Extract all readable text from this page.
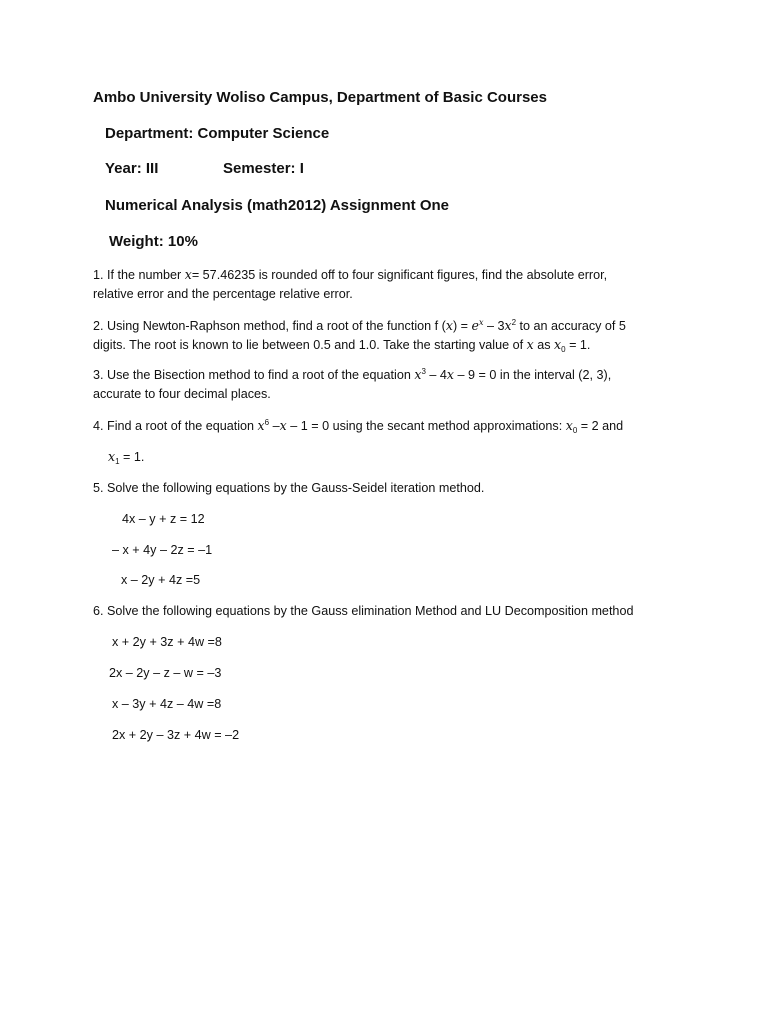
Ambo University Woliso Campus, Department of Basic Courses
Department: Computer Science
Year: III	Semester: I
Numerical Analysis (math2012) Assignment One
Weight: 10%
1. If the number x= 57.46235 is rounded off to four significant figures, find the absolute error,
relative error and the percentage relative error.
2. Using Newton-Raphson method, find a root of the function f $(x) = e^x - 3x^2$ to an accuracy of 5
digits. The root is known to lie between 0.5 and 1.0. Take the starting value of x as $x_0 = 1$.
3. Use the Bisection method to find a root of the equation $x^3 - 4x - 9 = 0$ in the interval (2, 3),
accurate to four decimal places.
4. Find a root of the equation $x^6$ –x – 1 = 0 using the secant method approximations: $x_0 = 2$ and
$x_1 = 1$.
5. Solve the following equations by the Gauss-Seidel iteration method.
4x – y + z = 12
– x + 4y – 2z = –1
x – 2y + 4z =5
6. Solve the following equations by the Gauss elimination Method and LU Decomposition method
x + 2y + 3z + 4w =8
2x – 2y – z – w = –3
x – 3y + 4z – 4w =8
2x + 2y – 3z + 4w = –2
